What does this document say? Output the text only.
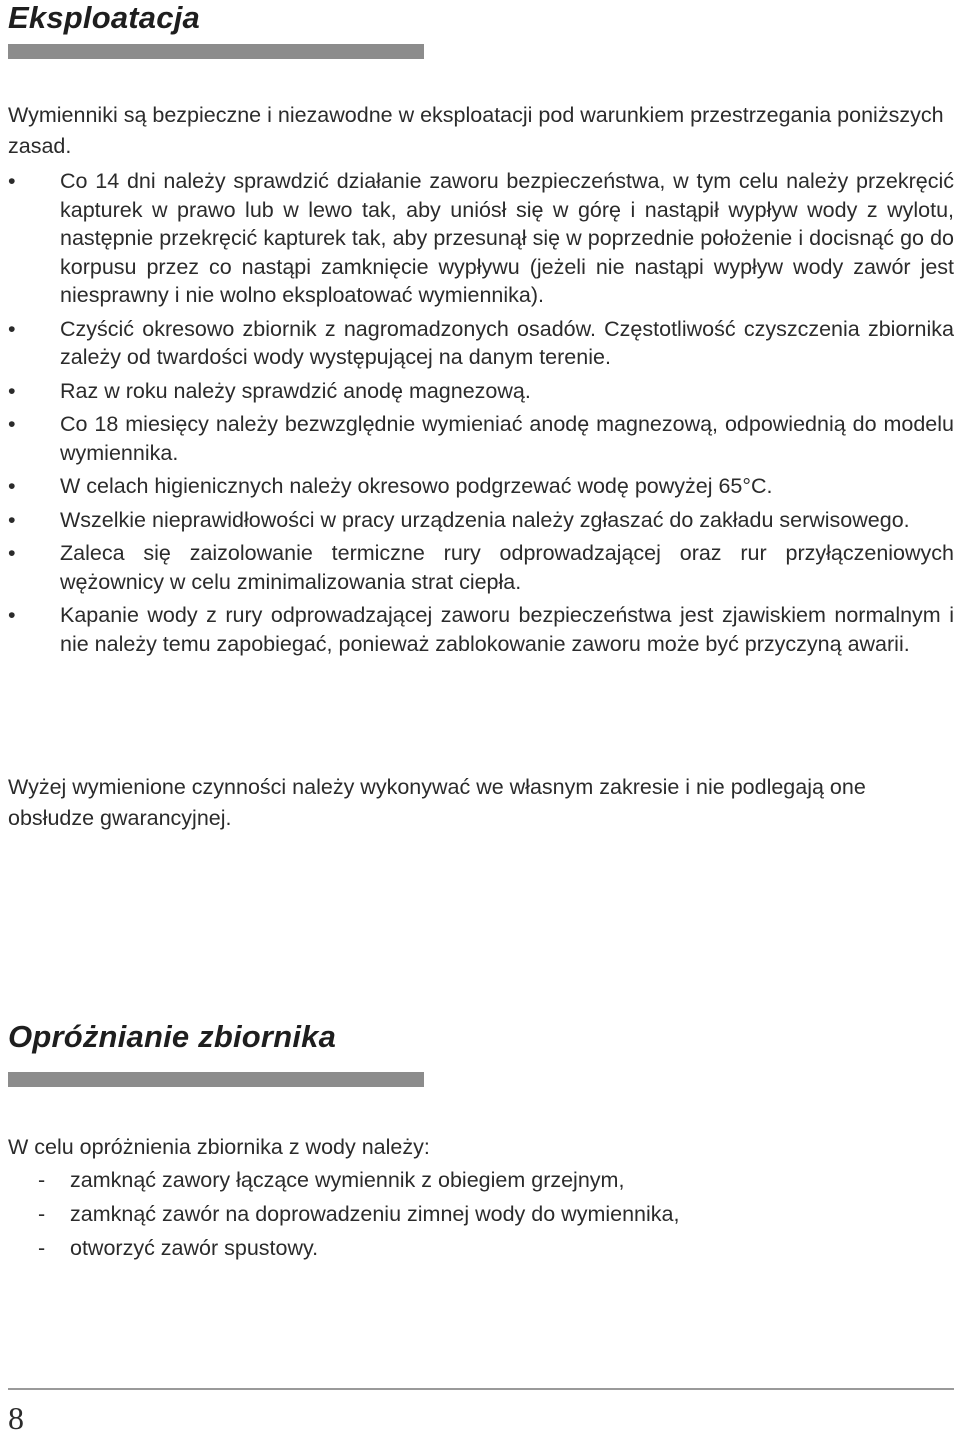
Eksploatacja

Wymienniki są bezpieczne i niezawodne w eksploatacji pod warunkiem przestrzegania poniższych zasad.

•	Co 14 dni należy sprawdzić działanie zaworu bezpieczeństwa, w tym celu należy przekręcić kapturek w prawo lub w lewo tak, aby uniósł się w górę i nastąpił wypływ wody z wylotu, następnie przekręcić kapturek tak, aby przesunął się w poprzednie położenie i docisnąć go do korpusu przez co nastąpi zamknięcie wypływu (jeżeli nie nastąpi wypływ wody zawór jest niesprawny i nie wolno eksploatować wymiennika).
•	Czyścić okresowo zbiornik z nagromadzonych osadów. Częstotliwość czyszczenia zbiornika zależy od twardości wody występującej na danym terenie.
•	Raz w roku należy sprawdzić anodę magnezową.
•	Co 18 miesięcy należy bezwzględnie wymieniać anodę magnezową, odpowiednią do modelu wymiennika.
•	W celach higienicznych należy okresowo podgrzewać wodę powyżej 65°C.
•	Wszelkie nieprawidłowości w pracy urządzenia należy zgłaszać do zakładu serwisowego.
•	Zaleca się zaizolowanie termiczne rury odprowadzającej oraz rur przyłączeniowych wężownicy w celu zminimalizowania strat ciepła.
•	Kapanie wody z rury odprowadzającej zaworu bezpieczeństwa jest zjawiskiem normalnym i nie należy temu zapobiegać, ponieważ zablokowanie zaworu może być przyczyną awarii.

Wyżej wymienione czynności należy wykonywać we własnym zakresie i nie podlegają one obsłudze gwarancyjnej.

Opróżnianie zbiornika

W celu opróżnienia zbiornika z wody należy:

- zamknąć zawory łączące wymiennik z obiegiem grzejnym,
- zamknąć zawór na doprowadzeniu zimnej wody do wymiennika,
- otworzyć zawór spustowy.
8
